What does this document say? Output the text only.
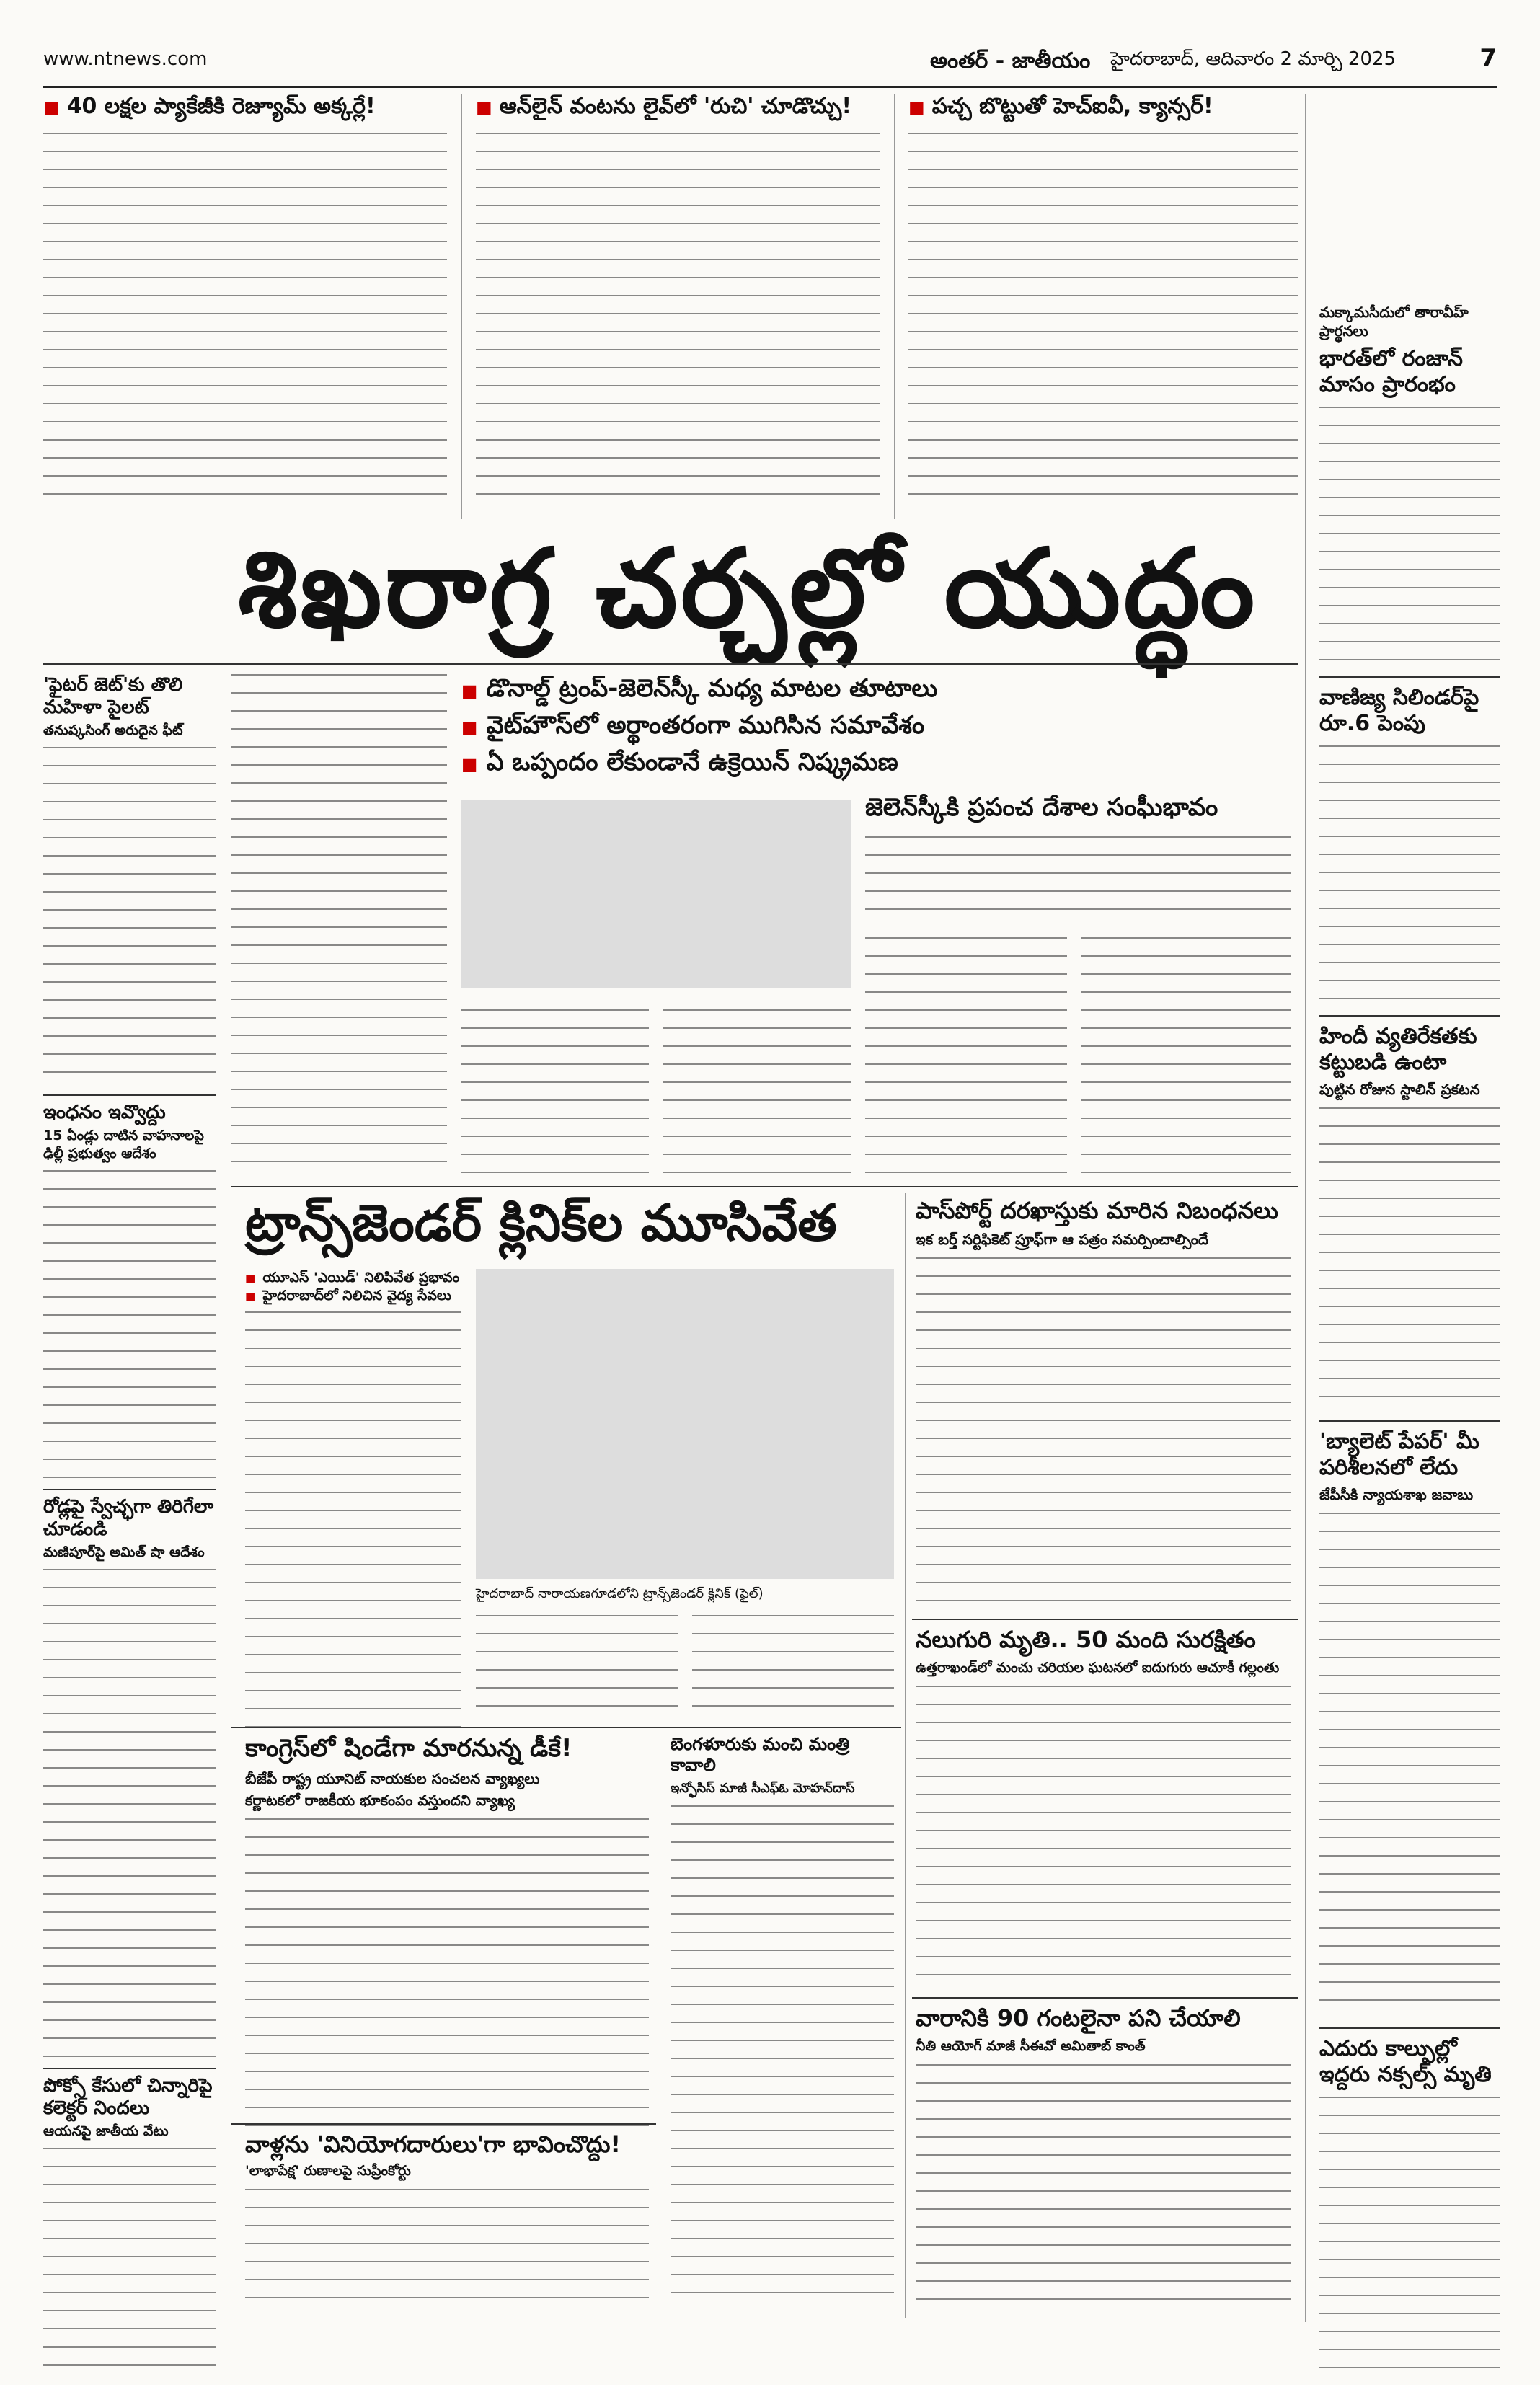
www.ntnews.com	అంతర్ - జాతీయం హైదరాబాద్, ఆదివారం 2 మార్చి 2025	7
■ 40 లక్షల ప్యాకేజీకి రెజ్యూమ్ అక్కర్లే!	■ ఆన్‌లైన్ వంటను లైవ్‌లో 'రుచి' చూడొచ్చు!	■ పచ్చ బొట్టుతో హెచ్ఐవీ, క్యాన్సర్!
మక్కామసీదులో తారావీహ్ ప్రార్థనలు
భారత్‌లో రంజాన్ మాసం ప్రారంభం
వాణిజ్య సిలిండర్‌పై రూ.6 పెంపు
హిందీ వ్యతిరేకతకు కట్టుబడి ఉంటా
పుట్టిన రోజున స్టాలిన్ ప్రకటన
'బ్యాలెట్ పేపర్' మీ పరిశీలనలో లేదు
జేపీసీకి న్యాయశాఖ జవాబు
ఎదురు కాల్పుల్లో ఇద్దరు నక్సల్స్ మృతి
శిఖరాగ్ర చర్చల్లో యుద్ధం
'ఫైటర్ జెట్'కు తొలి మహిళా పైలట్
తనుష్కసింగ్ అరుదైన ఫీట్
ఇంధనం ఇవ్వొద్దు
15 ఏండ్లు దాటిన వాహనాలపై ఢిల్లీ ప్రభుత్వం ఆదేశం
రోడ్లపై స్వేచ్ఛగా తిరిగేలా చూడండి
మణిపూర్‌పై అమిత్ షా ఆదేశం
పోక్సో కేసులో చిన్నారిపై కలెక్టర్ నిందలు
ఆయనపై జాతీయ వేటు
■ డొనాల్డ్ ట్రంప్-జెలెన్‌స్కీ మధ్య మాటల తూటాలు
■ వైట్‌హౌస్‌లో అర్థాంతరంగా ముగిసిన సమావేశం
■ ఏ ఒప్పందం లేకుండానే ఉక్రెయిన్ నిష్క్రమణ
జెలెన్‌స్కీకి ప్రపంచ దేశాల సంఘీభావం
ట్రాన్స్‌జెండర్ క్లినిక్‌ల మూసివేత
■ యూఎస్ 'ఎయిడ్' నిలిపివేత ప్రభావం
■ హైదరాబాద్‌లో నిలిచిన వైద్య సేవలు
హైదరాబాద్ నారాయణగూడలోని ట్రాన్స్‌జెండర్ క్లినిక్ (ఫైల్)
పాస్‌పోర్ట్ దరఖాస్తుకు మారిన నిబంధనలు
ఇక బర్త్ సర్టిఫికెట్ ప్రూఫ్‌గా ఆ పత్రం సమర్పించాల్సిందే
నలుగురి మృతి.. 50 మంది సురక్షితం
ఉత్తరాఖండ్‌లో మంచు చరియల ఘటనలో ఐదుగురు ఆచూకీ గల్లంతు
వారానికి 90 గంటలైనా పని చేయాలి
నీతి ఆయోగ్ మాజీ సీఈవో అమితాబ్ కాంత్
కాంగ్రెస్‌లో షిండేగా మారనున్న డీకే!
బీజేపీ రాష్ట్ర యూనిట్ నాయకుల సంచలన వ్యాఖ్యలు
కర్ణాటకలో రాజకీయ భూకంపం వస్తుందని వ్యాఖ్య
బెంగళూరుకు మంచి మంత్రి కావాలి
ఇన్ఫోసిస్ మాజీ సీఎఫ్‌ఓ మోహన్‌దాస్
వాళ్లను 'వినియోగదారులు'గా భావించొద్దు!
'లాభాపేక్ష' రుణాలపై సుప్రీంకోర్టు
